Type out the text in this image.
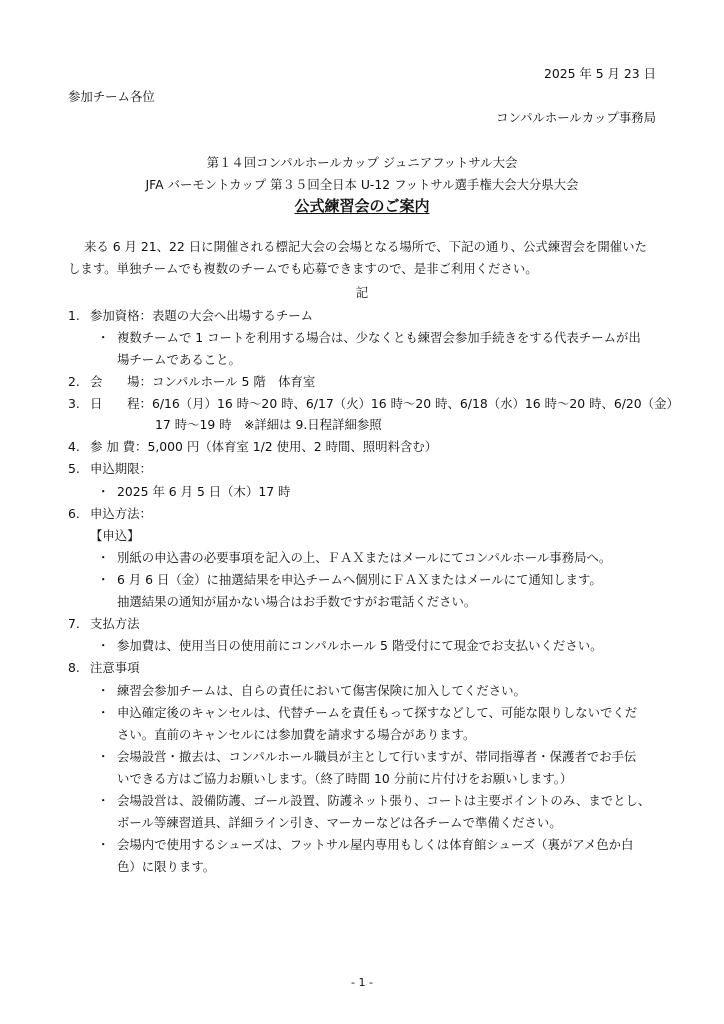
2025 年 5 月 23 日
参加チーム各位
コンパルホールカップ事務局
第１４回コンパルホールカップ ジュニアフットサル大会
JFA バーモントカップ 第３５回全日本 U-12 フットサル選手権大会大分県大会
公式練習会のご案内
来る 6 月 21、22 日に開催される標記大会の会場となる場所で、下記の通り、公式練習会を開催いた
します。単独チームでも複数のチームでも応募できますので、是非ご利用ください。
記
1. 参加資格：表題の大会へ出場するチーム
・ 複数チームで 1 コートを利用する場合は、少なくとも練習会参加手続きをする代表チームが出
場チームであること。
2. 会　　場：コンパルホール 5 階　体育室
3. 日　　程：6/16（月）16 時～20 時、6/17（火）16 時～20 時、6/18（水）16 時～20 時、6/20（金）
17 時～19 時　※詳細は 9.日程詳細参照
4. 参 加 費：5,000 円（体育室 1/2 使用、2 時間、照明料含む）
5. 申込期限：
・ 2025 年 6 月 5 日（木）17 時
6. 申込方法：
【申込】
・ 別紙の申込書の必要事項を記入の上、ＦＡＸまたはメールにてコンパルホール事務局へ。
・ 6 月 6 日（金）に抽選結果を申込チームへ個別にＦＡＸまたはメールにて通知します。
抽選結果の通知が届かない場合はお手数ですがお電話ください。
7. 支払方法
・ 参加費は、使用当日の使用前にコンパルホール 5 階受付にて現金でお支払いください。
8. 注意事項
・ 練習会参加チームは、自らの責任において傷害保険に加入してください。
・ 申込確定後のキャンセルは、代替チームを責任もって探すなどして、可能な限りしないでくだ
さい。直前のキャンセルには参加費を請求する場合があります。
・ 会場設営・撤去は、コンパルホール職員が主として行いますが、帯同指導者・保護者でお手伝
いできる方はご協力お願いします。（終了時間 10 分前に片付けをお願いします。）
・ 会場設営は、設備防護、ゴール設置、防護ネット張り、コートは主要ポイントのみ、までとし、
ボール等練習道具、詳細ライン引き、マーカーなどは各チームで準備ください。
・ 会場内で使用するシューズは、フットサル屋内専用もしくは体育館シューズ（裏がアメ色か白
色）に限ります。
- 1 -
